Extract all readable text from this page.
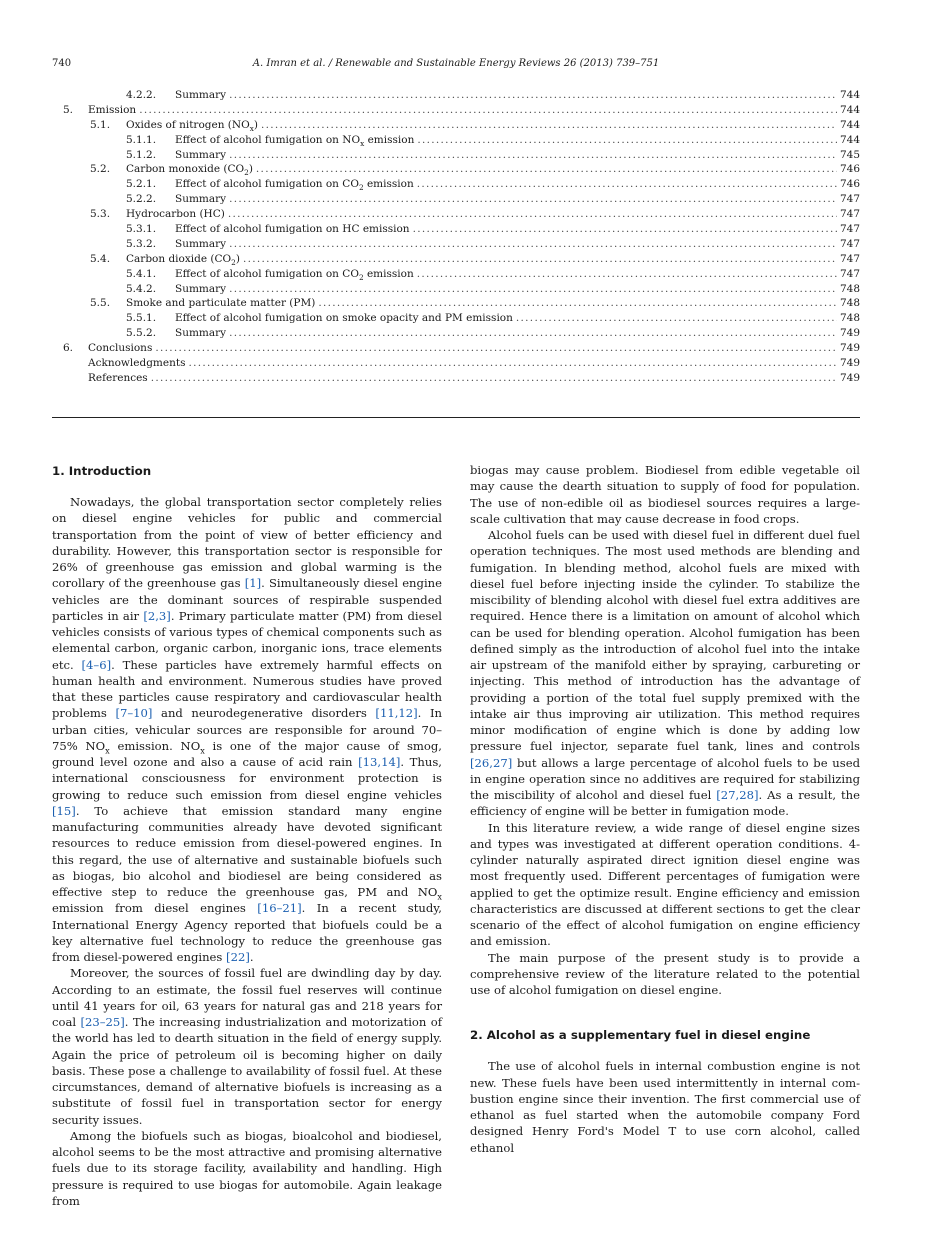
740	A. Imran et al. / Renewable and Sustainable Energy Reviews 26 (2013) 739–751
4.2.2.	Summary .....	744
5.	Emission .....	744
5.1.	Oxides of nitrogen $(NO_x)$ .....	744
5.1.1.	Effect of alcohol fumigation on $NO_x$ emission .....	744
5.1.2.	Summary .....	745
5.2.	Carbon monoxide $(CO_2)$ .....	746
5.2.1.	Effect of alcohol fumigation on $CO_2$ emission .....	746
5.2.2.	Summary .....	747
5.3.	Hydrocarbon (HC) .....	747
5.3.1.	Effect of alcohol fumigation on HC emission .....	747
5.3.2.	Summary .....	747
5.4.	Carbon dioxide $(CO_2)$ .....	747
5.4.1.	Effect of alcohol fumigation on $CO_2$ emission .....	747
5.4.2.	Summary .....	748
5.5.	Smoke and particulate matter (PM) .....	748
5.5.1.	Effect of alcohol fumigation on smoke opacity and PM emission .....	748
5.5.2.	Summary .....	749
6.	Conclusions .....	749
Acknowledgments .....	749
References .....	749
1. Introduction

Nowadays, the global transportation sector completely relies on diesel engine vehicles for public and commercial transportation from the point of view of better efficiency and durability. However, this transportation sector is responsible for 26% of greenhouse gas emission and global warming is the corollary of the greenhouse gas [1]. Simultaneously diesel engine vehicles are the dominant sources of respirable suspended particles in air [2,3]. Primary particulate matter (PM) from diesel vehicles consists of various types of chemical components such as elemental carbon, organic carbon, inorganic ions, trace elements etc. [4–6]. These particles have extremely harmful effects on human health and environment. Numerous studies have proved that these particles cause respiratory and cardiovascular health problems [7–10] and neurodegenerative disorders [11,12]. In urban cities, vehicular sources are responsible for around 70–75% $NO_x$ emission. $NO_x$ is one of the major cause of smog, ground level ozone and also a cause of acid rain [13,14]. Thus, international consciousness for environment protection is growing to reduce such emission from diesel engine vehicles [15]. To achieve that emission standard many engine manufacturing communities already have devoted significant resources to reduce emission from diesel-powered engines. In this regard, the use of alternative and sustainable biofuels such as biogas, bio alcohol and biodiesel are being considered as effective step to reduce the greenhouse gas, PM and $NO_x$ emission from diesel engines [16–21]. In a recent study, International Energy Agency reported that biofuels could be a key alternative fuel technology to reduce the greenhouse gas from diesel-powered engines [22].

Moreover, the sources of fossil fuel are dwindling day by day. According to an estimate, the fossil fuel reserves will continue until 41 years for oil, 63 years for natural gas and 218 years for coal [23–25]. The increasing industrialization and motorization of the world has led to dearth situation in the field of energy supply. Again the price of petroleum oil is becoming higher on daily basis. These pose a challenge to availability of fossil fuel. At these circumstances, demand of alternative biofuels is increasing as a substitute of fossil fuel in transportation sector for energy security issues.

Among the biofuels such as biogas, bioalcohol and biodiesel, alcohol seems to be the most attractive and promising alternative fuels due to its storage facility, availability and handling. High pressure is required to use biogas for automobile. Again leakage from

biogas may cause problem. Biodiesel from edible vegetable oil may cause the dearth situation to supply of food for population. The use of non-edible oil as biodiesel sources requires a large-scale cultivation that may cause decrease in food crops.

Alcohol fuels can be used with diesel fuel in different duel fuel operation techniques. The most used methods are blending and fumigation. In blending method, alcohol fuels are mixed with diesel fuel before injecting inside the cylinder. To stabilize the miscibility of blending alcohol with diesel fuel extra additives are required. Hence there is a limitation on amount of alcohol which can be used for blending operation. Alcohol fumigation has been defined simply as the introduction of alcohol fuel into the intake air upstream of the manifold either by spraying, carbureting or injecting. This method of introduction has the advantage of providing a portion of the total fuel supply premixed with the intake air thus improving air utilization. This method requires minor modification of engine which is done by adding low pressure fuel injector, separate fuel tank, lines and controls [26,27] but allows a large percentage of alcohol fuels to be used in engine operation since no additives are required for stabilizing the miscibility of alcohol and diesel fuel [27,28]. As a result, the efficiency of engine will be better in fumigation mode.

In this literature review, a wide range of diesel engine sizes and types was investigated at different operation conditions. 4-cylinder naturally aspirated direct ignition diesel engine was most frequently used. Different percentages of fumigation were applied to get the optimize result. Engine efficiency and emission characteristics are discussed at different sections to get the clear scenario of the effect of alcohol fumigation on engine efficiency and emission.

The main purpose of the present study is to provide a comprehensive review of the literature related to the potential use of alcohol fumigation on diesel engine.

2. Alcohol as a supplementary fuel in diesel engine

The use of alcohol fuels in internal combustion engine is not new. These fuels have been used intermittently in internal combustion engine since their invention. The first commercial use of ethanol as fuel started when the automobile company Ford designed Henry Ford's Model T to use corn alcohol, called ethanol
